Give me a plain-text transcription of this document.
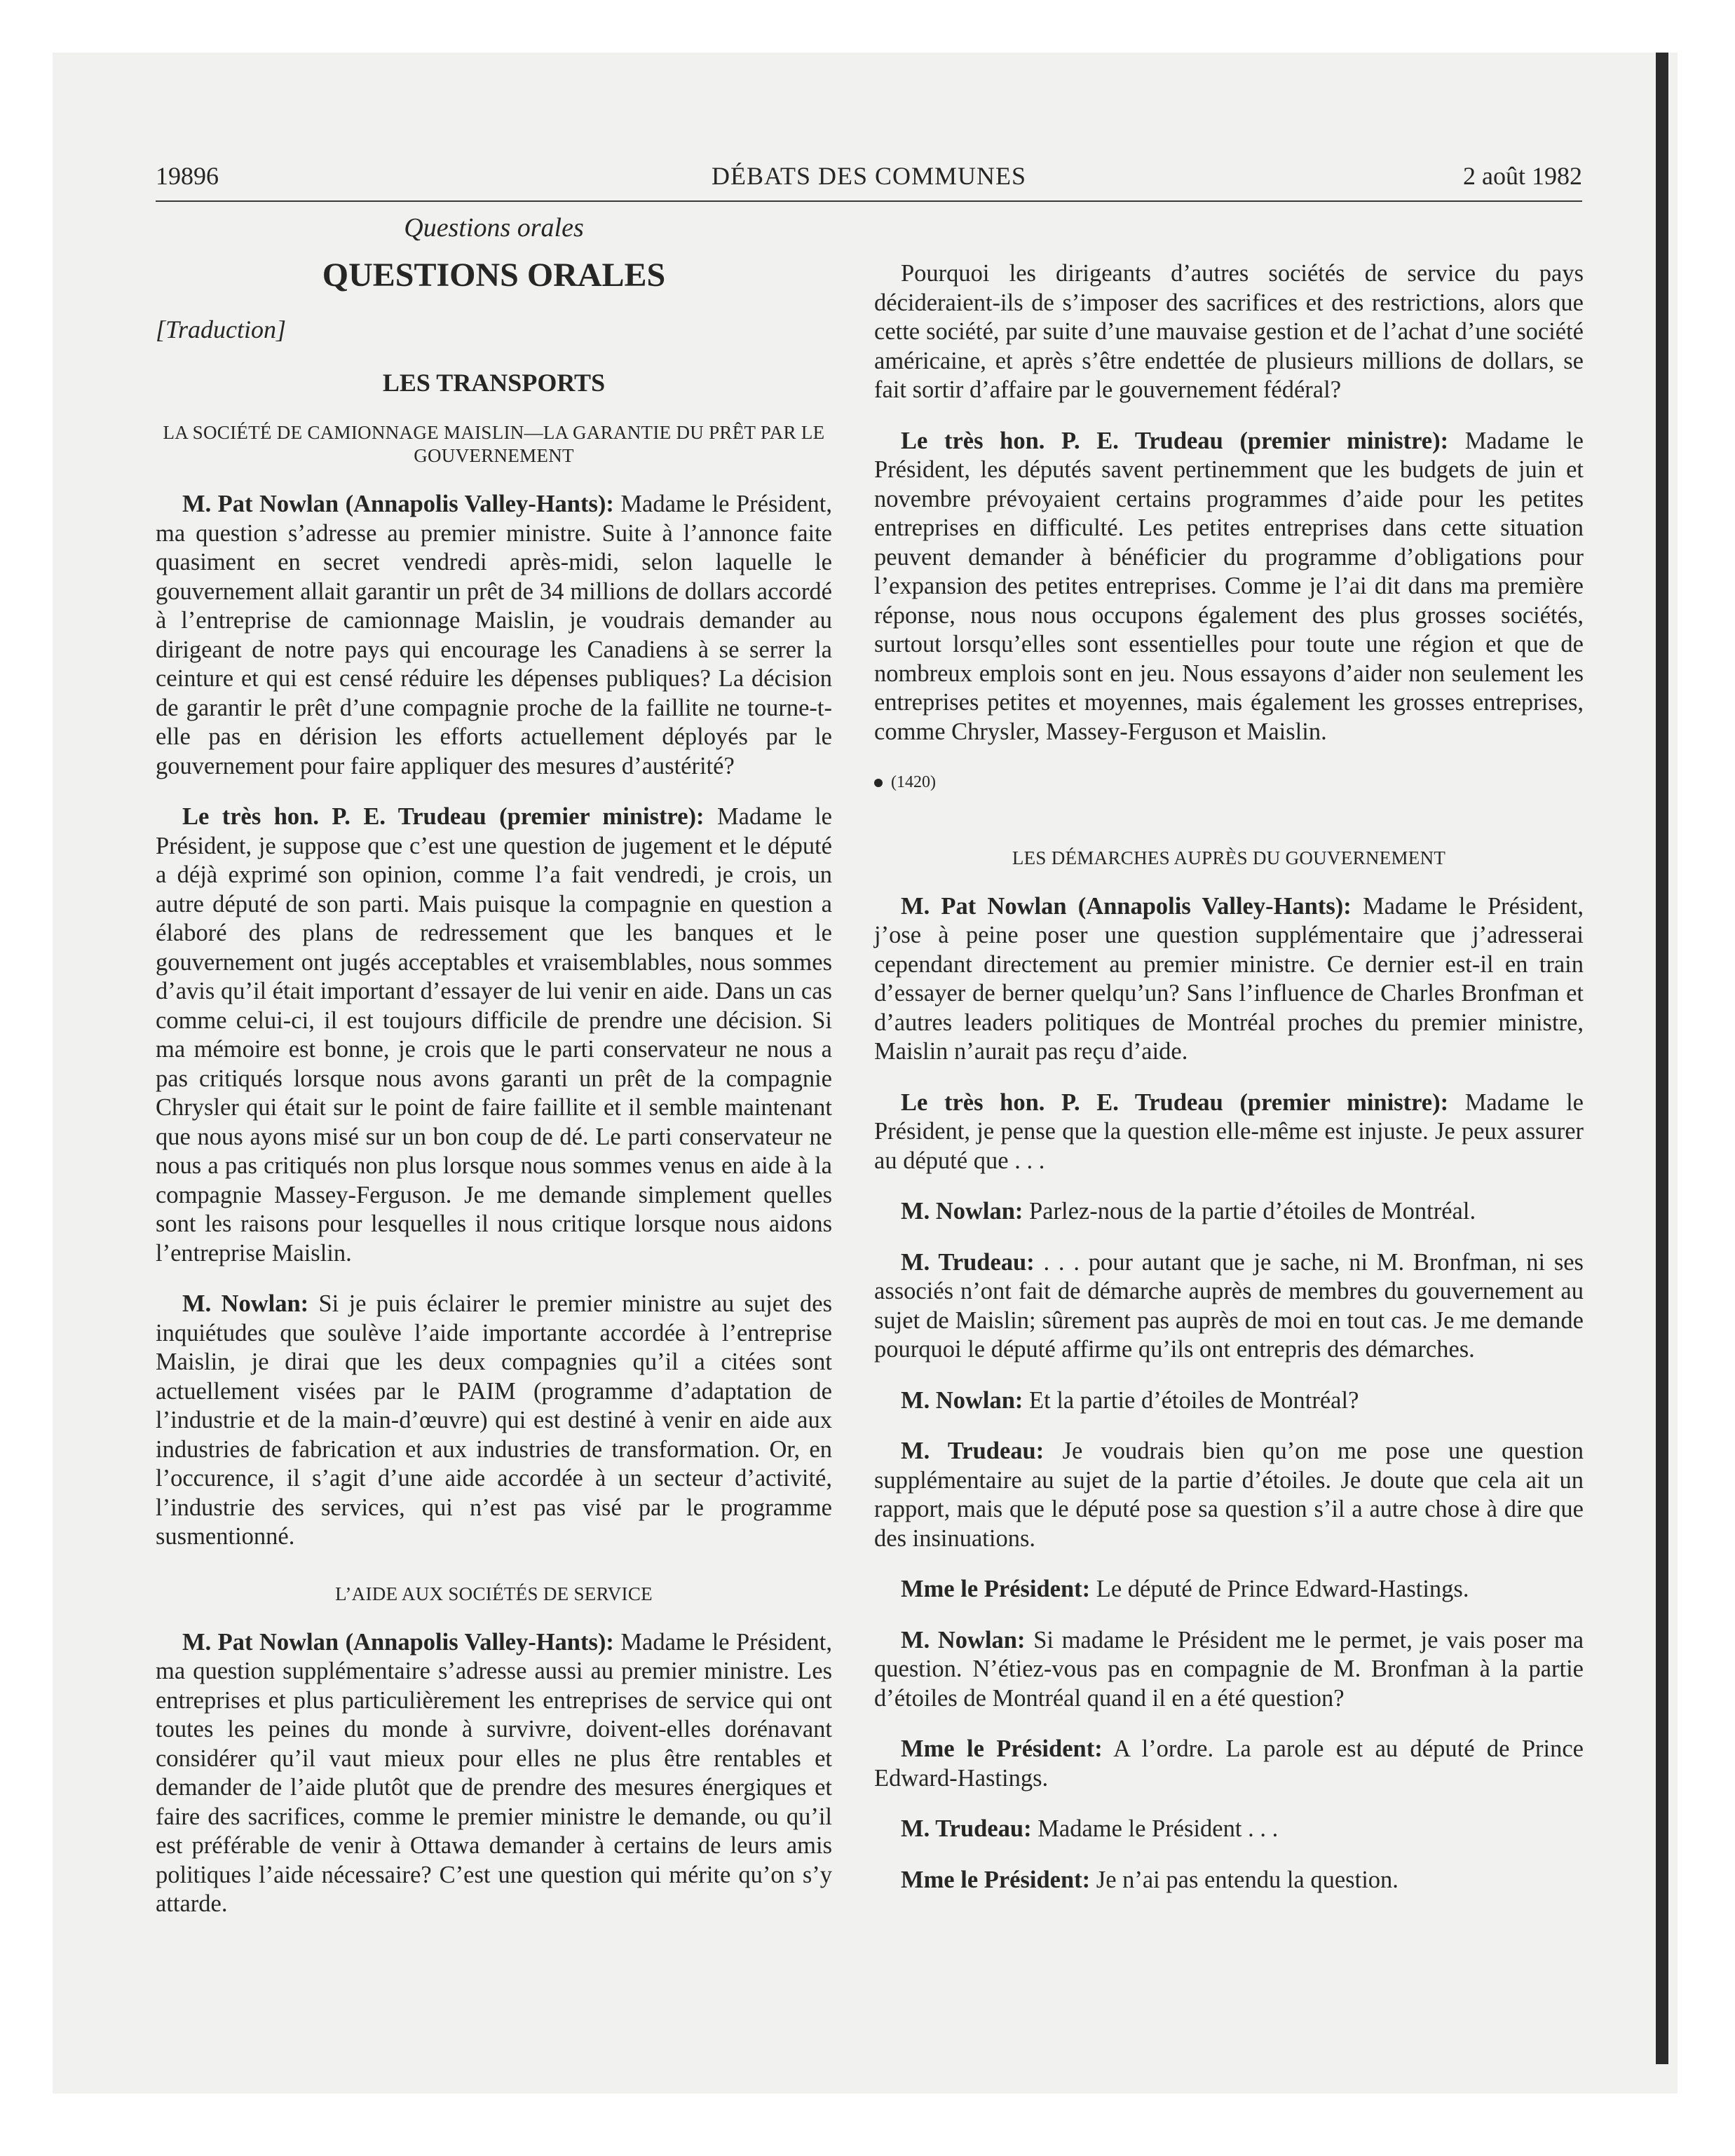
19896	DÉBATS DES COMMUNES	2 août 1982
Questions orales
QUESTIONS ORALES
[Traduction]
LES TRANSPORTS
LA SOCIÉTÉ DE CAMIONNAGE MAISLIN—LA GARANTIE DU PRÊT PAR LE GOUVERNEMENT

M. Pat Nowlan (Annapolis Valley-Hants): Madame le Président, ma question s’adresse au premier ministre. Suite à l’annonce faite quasiment en secret vendredi après-midi, selon laquelle le gouvernement allait garantir un prêt de 34 millions de dollars accordé à l’entreprise de camionnage Maislin, je voudrais demander au dirigeant de notre pays qui encourage les Canadiens à se serrer la ceinture et qui est censé réduire les dépenses publiques? La décision de garantir le prêt d’une compagnie proche de la faillite ne tourne-t-elle pas en dérision les efforts actuellement déployés par le gouvernement pour faire appliquer des mesures d’austérité?

Le très hon. P. E. Trudeau (premier ministre): Madame le Président, je suppose que c’est une question de jugement et le député a déjà exprimé son opinion, comme l’a fait vendredi, je crois, un autre député de son parti. Mais puisque la compagnie en question a élaboré des plans de redressement que les banques et le gouvernement ont jugés acceptables et vraisemblables, nous sommes d’avis qu’il était important d’essayer de lui venir en aide. Dans un cas comme celui-ci, il est toujours difficile de prendre une décision. Si ma mémoire est bonne, je crois que le parti conservateur ne nous a pas critiqués lorsque nous avons garanti un prêt de la compagnie Chrysler qui était sur le point de faire faillite et il semble maintenant que nous ayons misé sur un bon coup de dé. Le parti conservateur ne nous a pas critiqués non plus lorsque nous sommes venus en aide à la compagnie Massey-Ferguson. Je me demande simplement quelles sont les raisons pour lesquelles il nous critique lorsque nous aidons l’entreprise Maislin.

M. Nowlan: Si je puis éclairer le premier ministre au sujet des inquiétudes que soulève l’aide importante accordée à l’entreprise Maislin, je dirai que les deux compagnies qu’il a citées sont actuellement visées par le PAIM (programme d’adaptation de l’industrie et de la main-d’œuvre) qui est destiné à venir en aide aux industries de fabrication et aux industries de transformation. Or, en l’occurence, il s’agit d’une aide accordée à un secteur d’activité, l’industrie des services, qui n’est pas visé par le programme susmentionné.

L’AIDE AUX SOCIÉTÉS DE SERVICE

M. Pat Nowlan (Annapolis Valley-Hants): Madame le Président, ma question supplémentaire s’adresse aussi au premier ministre. Les entreprises et plus particulièrement les entreprises de service qui ont toutes les peines du monde à survivre, doivent-elles dorénavant considérer qu’il vaut mieux pour elles ne plus être rentables et demander de l’aide plutôt que de prendre des mesures énergiques et faire des sacrifices, comme le premier ministre le demande, ou qu’il est préférable de venir à Ottawa demander à certains de leurs amis politiques l’aide nécessaire? C’est une question qui mérite qu’on s’y attarde.

Pourquoi les dirigeants d’autres sociétés de service du pays décideraient-ils de s’imposer des sacrifices et des restrictions, alors que cette société, par suite d’une mauvaise gestion et de l’achat d’une société américaine, et après s’être endettée de plusieurs millions de dollars, se fait sortir d’affaire par le gouvernement fédéral?

Le très hon. P. E. Trudeau (premier ministre): Madame le Président, les députés savent pertinemment que les budgets de juin et novembre prévoyaient certains programmes d’aide pour les petites entreprises en difficulté. Les petites entreprises dans cette situation peuvent demander à bénéficier du programme d’obligations pour l’expansion des petites entreprises. Comme je l’ai dit dans ma première réponse, nous nous occupons également des plus grosses sociétés, surtout lorsqu’elles sont essentielles pour toute une région et que de nombreux emplois sont en jeu. Nous essayons d’aider non seulement les entreprises petites et moyennes, mais également les grosses entreprises, comme Chrysler, Massey-Ferguson et Maislin.

(1420)
LES DÉMARCHES AUPRÈS DU GOUVERNEMENT

M. Pat Nowlan (Annapolis Valley-Hants): Madame le Président, j’ose à peine poser une question supplémentaire que j’adresserai cependant directement au premier ministre. Ce dernier est-il en train d’essayer de berner quelqu’un? Sans l’influence de Charles Bronfman et d’autres leaders politiques de Montréal proches du premier ministre, Maislin n’aurait pas reçu d’aide.

Le très hon. P. E. Trudeau (premier ministre): Madame le Président, je pense que la question elle-même est injuste. Je peux assurer au député que . . .

M. Nowlan: Parlez-nous de la partie d’étoiles de Montréal.

M. Trudeau: . . . pour autant que je sache, ni M. Bronfman, ni ses associés n’ont fait de démarche auprès de membres du gouvernement au sujet de Maislin; sûrement pas auprès de moi en tout cas. Je me demande pourquoi le député affirme qu’ils ont entrepris des démarches.

M. Nowlan: Et la partie d’étoiles de Montréal?

M. Trudeau: Je voudrais bien qu’on me pose une question supplémentaire au sujet de la partie d’étoiles. Je doute que cela ait un rapport, mais que le député pose sa question s’il a autre chose à dire que des insinuations.

Mme le Président: Le député de Prince Edward-Hastings.

M. Nowlan: Si madame le Président me le permet, je vais poser ma question. N’étiez-vous pas en compagnie de M. Bronfman à la partie d’étoiles de Montréal quand il en a été question?

Mme le Président: A l’ordre. La parole est au député de Prince Edward-Hastings.

M. Trudeau: Madame le Président . . .

Mme le Président: Je n’ai pas entendu la question.
